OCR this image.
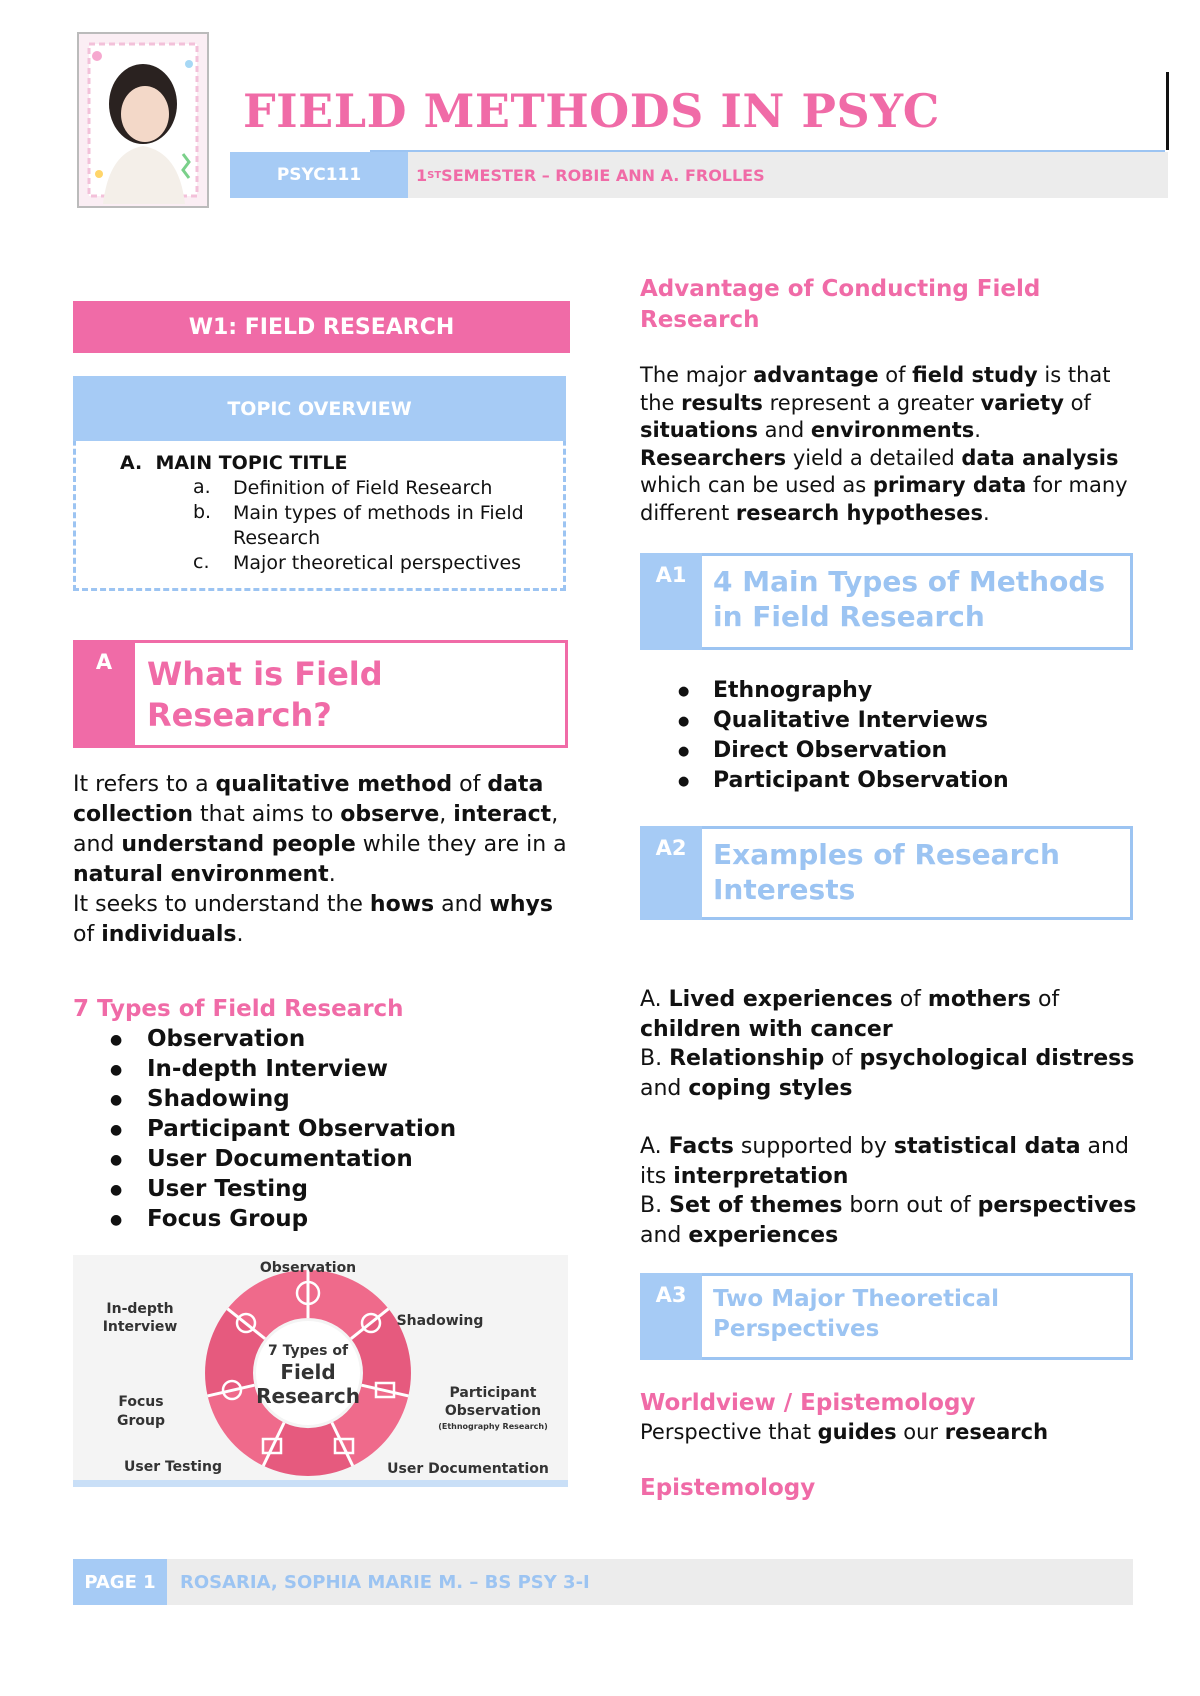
FIELD METHODS IN PSYC
PSYC111	1 ST SEMESTER – ROBIE ANN A. FROLLES
W1: FIELD RESEARCH
TOPIC OVERVIEW
A. MAIN TOPIC TITLE
a. Definition of Field Research
b. Main types of methods in Field Research
c. Major theoretical perspectives
A	What is Field Research?
It refers to a qualitative method of data collection that aims to observe, interact, and understand people while they are in a natural environment.
It seeks to understand the hows and whys of individuals.
7 Types of Field Research
● Observation
● In-depth Interview
● Shadowing
● Participant Observation
● User Documentation
● User Testing
● Focus Group
7 Types of
Field
Research
Observation
Shadowing
Participant
Observation
(Ethnography Research)
User Documentation
User Testing
Focus
Group
In-depth
Interview
Advantage of Conducting Field Research
The major advantage of field study is that the results represent a greater variety of situations and environments.
Researchers yield a detailed data analysis which can be used as primary data for many different research hypotheses.
A1 4 Main Types of Methods in Field Research
● Ethnography
● Qualitative Interviews
● Direct Observation
● Participant Observation
A2 Examples of Research Interests
A. Lived experiences of mothers of children with cancer
B. Relationship of psychological distress and coping styles
A. Facts supported by statistical data and its interpretation
B. Set of themes born out of perspectives and experiences
A3	Two Major Theoretical Perspectives
Worldview / Epistemology
Perspective that guides our research
Epistemology
PAGE 1	ROSARIA, SOPHIA MARIE M. – BS PSY 3-I
